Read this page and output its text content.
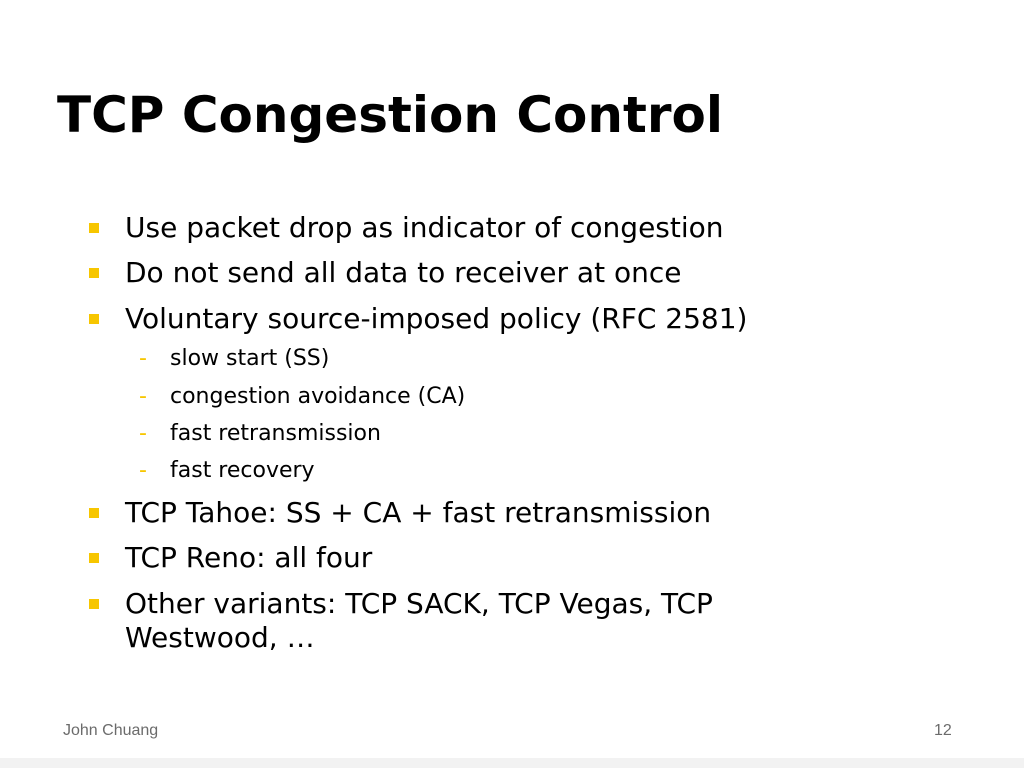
TCP Congestion Control
Use packet drop as indicator of congestion
Do not send all data to receiver at once
Voluntary source-imposed policy (RFC 2581)
- slow start (SS)
- congestion avoidance (CA)
- fast retransmission
- fast recovery
TCP Tahoe: SS + CA + fast retransmission
TCP Reno: all four
Other variants: TCP SACK, TCP Vegas, TCP Westwood, …
John Chuang	12
